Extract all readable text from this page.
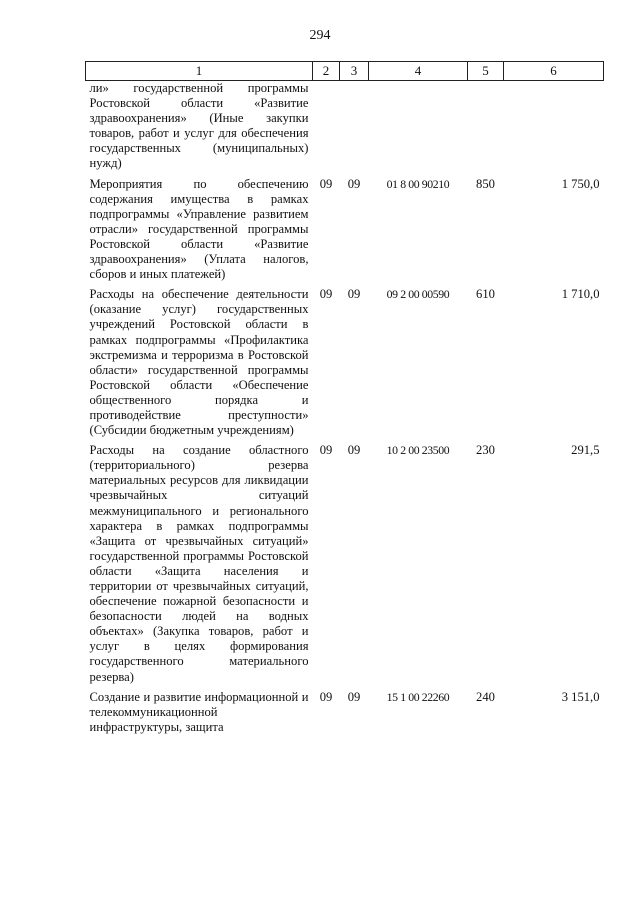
294
1	2	3	4	5	6
ли» государственной программы Ростовской области «Развитие здравоохранения» (Иные закупки товаров, работ и услуг для обеспечения государственных (муниципальных) нужд)					
Мероприятия по обеспечению содержания имущества в рамках подпрограммы «Управление развитием отрасли» государственной программы Ростовской области «Развитие здравоохранения» (Уплата налогов, сборов и иных платежей)	09	09	01 8 00 90210	850	1 750,0
Расходы на обеспечение деятельности (оказание услуг) государственных учреждений Ростовской области в рамках подпрограммы «Профилактика экстремизма и терроризма в Ростовской области» государственной программы Ростовской области «Обеспечение общественного порядка и противодействие преступности» (Субсидии бюджетным учреждениям)	09	09	09 2 00 00590	610	1 710,0
Расходы на создание областного (территориального) резерва материальных ресурсов для ликвидации чрезвычайных ситуаций межмуниципального и регионального характера в рамках подпрограммы «Защита от чрезвычайных ситуаций» государственной программы Ростовской области «Защита населения и территории от чрезвычайных ситуаций, обеспечение пожарной безопасности и безопасности людей на водных объектах» (Закупка товаров, работ и услуг в целях формирования государственного материального резерва)	09	09	10 2 00 23500	230	291,5
Создание и развитие информационной и телекоммуникационной инфраструктуры, защита	09	09	15 1 00 22260	240	3 151,0
